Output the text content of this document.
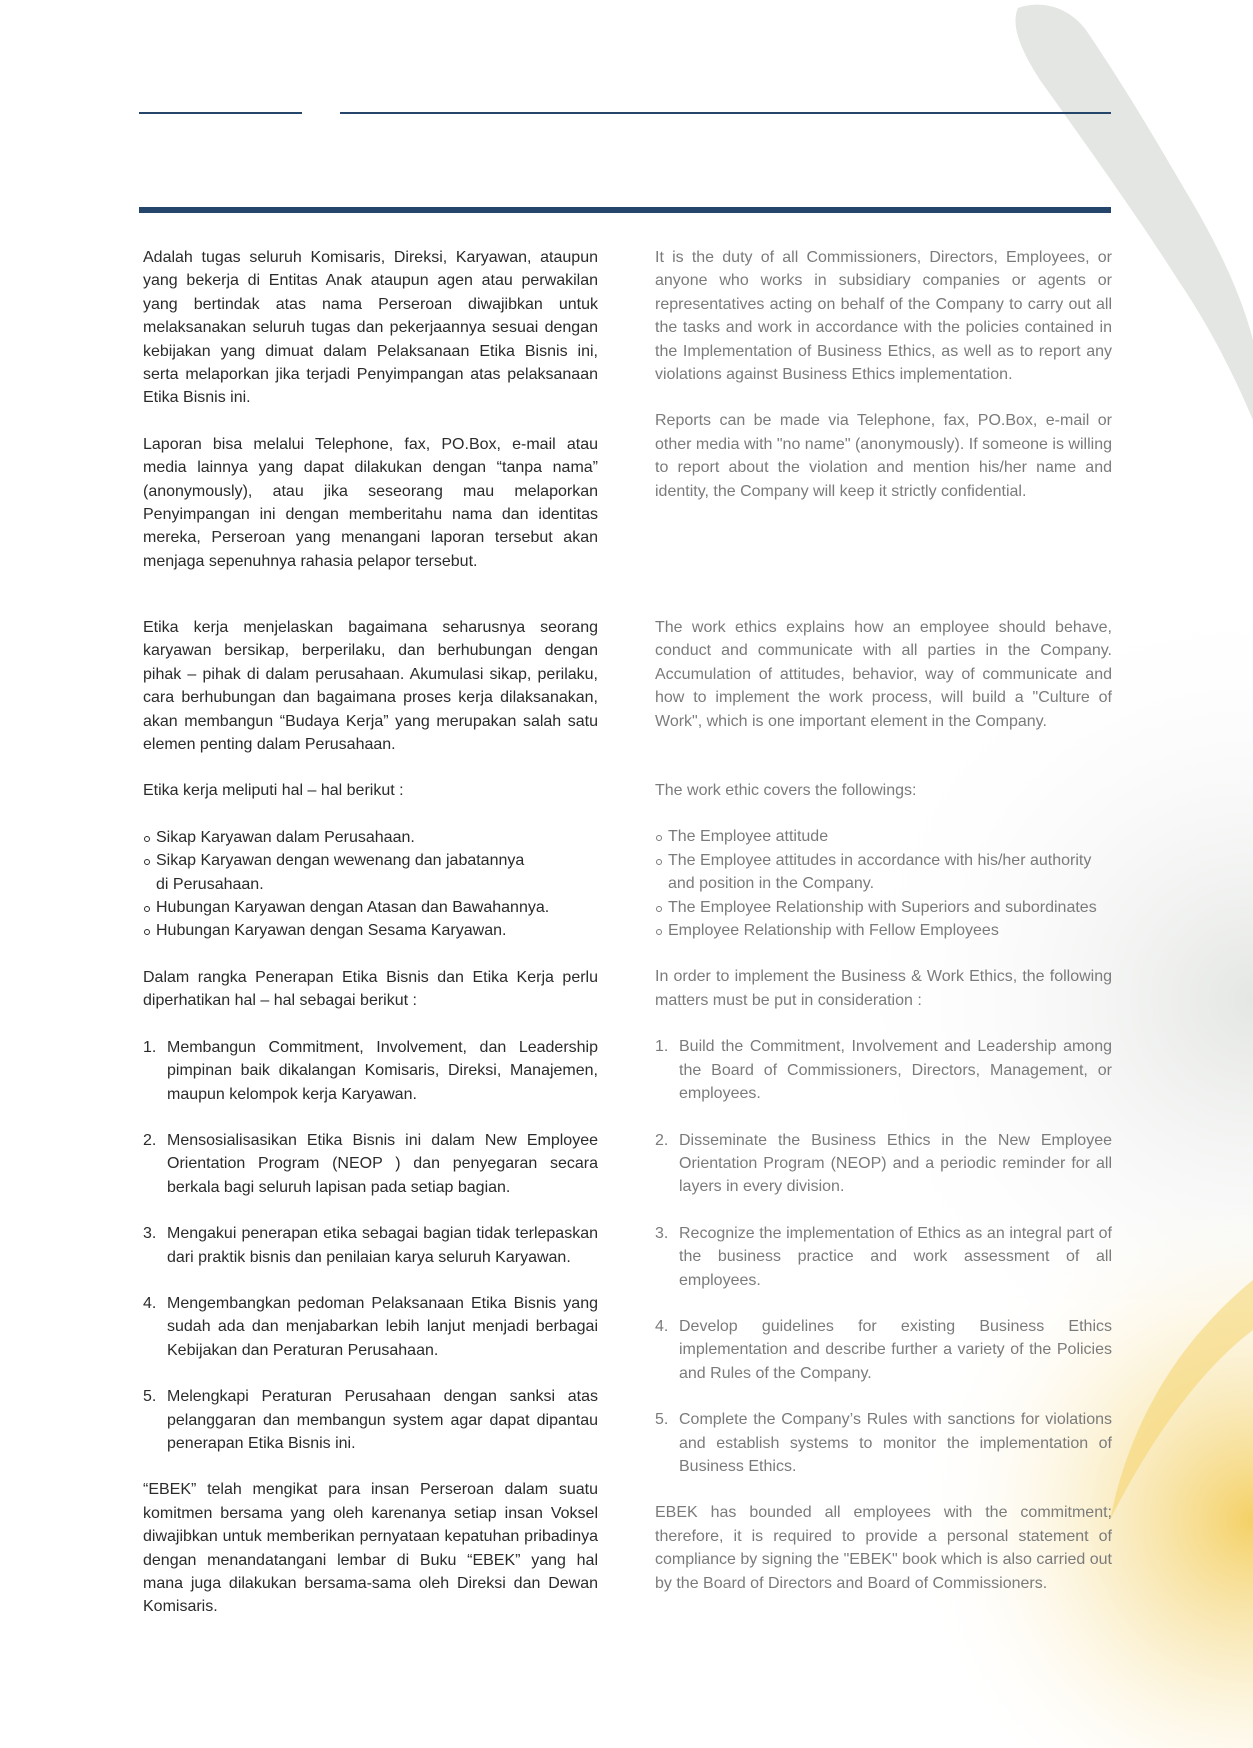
Adalah tugas seluruh Komisaris, Direksi, Karyawan, ataupun yang bekerja di Entitas Anak ataupun agen atau perwakilan yang bertindak atas nama Perseroan diwajibkan untuk melaksanakan seluruh tugas dan pekerjaannya sesuai dengan kebijakan yang dimuat dalam Pelaksanaan Etika Bisnis ini, serta melaporkan jika terjadi Penyimpangan atas pelaksanaan Etika Bisnis ini.

Laporan bisa melalui Telephone, fax, PO.Box, e-mail atau media lainnya yang dapat dilakukan dengan “tanpa nama” (anonymously), atau jika seseorang mau melaporkan Penyimpangan ini dengan memberitahu nama dan identitas mereka, Perseroan yang menangani laporan tersebut akan menjaga sepenuhnya rahasia pelapor tersebut.

It is the duty of all Commissioners, Directors, Employees, or anyone who works in subsidiary companies or agents or representatives acting on behalf of the Company to carry out all the tasks and work in accordance with the policies contained in the Implementation of Business Ethics, as well as to report any violations against Business Ethics implementation.

Reports can be made via Telephone, fax, PO.Box, e-mail or other media with "no name" (anonymously). If someone is willing to report about the violation and mention his/her name and identity, the Company will keep it strictly confidential.

Etika kerja menjelaskan bagaimana seharusnya seorang karyawan bersikap, berperilaku, dan berhubungan dengan pihak – pihak di dalam perusahaan. Akumulasi sikap, perilaku, cara berhubungan dan bagaimana proses kerja dilaksanakan, akan membangun “Budaya Kerja” yang merupakan salah satu elemen penting dalam Perusahaan.

Etika kerja meliputi hal – hal berikut :

Sikap Karyawan dalam Perusahaan.
Sikap Karyawan dengan wewenang dan jabatannya di Perusahaan.
Hubungan Karyawan dengan Atasan dan Bawahannya.
Hubungan Karyawan dengan Sesama Karyawan.

Dalam rangka Penerapan Etika Bisnis dan Etika Kerja perlu diperhatikan hal – hal sebagai berikut :

1. Membangun Commitment, Involvement, dan Leadership pimpinan baik dikalangan Komisaris, Direksi, Manajemen, maupun kelompok kerja Karyawan.
2. Mensosialisasikan Etika Bisnis ini dalam New Employee Orientation Program (NEOP ) dan penyegaran secara berkala bagi seluruh lapisan pada setiap bagian.
3. Mengakui penerapan etika sebagai bagian tidak terlepaskan dari praktik bisnis dan penilaian karya seluruh Karyawan.
4. Mengembangkan pedoman Pelaksanaan Etika Bisnis yang sudah ada dan menjabarkan lebih lanjut menjadi berbagai Kebijakan dan Peraturan Perusahaan.
5. Melengkapi Peraturan Perusahaan dengan sanksi atas pelanggaran dan membangun system agar dapat dipantau penerapan Etika Bisnis ini.

“EBEK” telah mengikat para insan Perseroan dalam suatu komitmen bersama yang oleh karenanya setiap insan Voksel diwajibkan untuk memberikan pernyataan kepatuhan pribadinya dengan menandatangani lembar di Buku “EBEK” yang hal mana juga dilakukan bersama-sama oleh Direksi dan Dewan Komisaris.

The work ethics explains how an employee should behave, conduct and communicate with all parties in the Company. Accumulation of attitudes, behavior, way of communicate and how to implement the work process, will build a "Culture of Work", which is one important element in the Company.

The work ethic covers the followings:

The Employee attitude
The Employee attitudes in accordance with his/her authority and position in the Company.
The Employee Relationship with Superiors and subordinates
Employee Relationship with Fellow Employees

In order to implement the Business & Work Ethics, the following matters must be put in consideration :

1. Build the Commitment, Involvement and Leadership among the Board of Commissioners, Directors, Management, or employees.
2. Disseminate the Business Ethics in the New Employee Orientation Program (NEOP) and a periodic reminder for all layers in every division.
3. Recognize the implementation of Ethics as an integral part of the business practice and work assessment of all employees.
4. Develop guidelines for existing Business Ethics implementation and describe further a variety of the Policies and Rules of the Company.
5. Complete the Company’s Rules with sanctions for violations and establish systems to monitor the implementation of Business Ethics.

EBEK has bounded all employees with the commitment; therefore, it is required to provide a personal statement of compliance by signing the "EBEK" book which is also carried out by the Board of Directors and Board of Commissioners.
